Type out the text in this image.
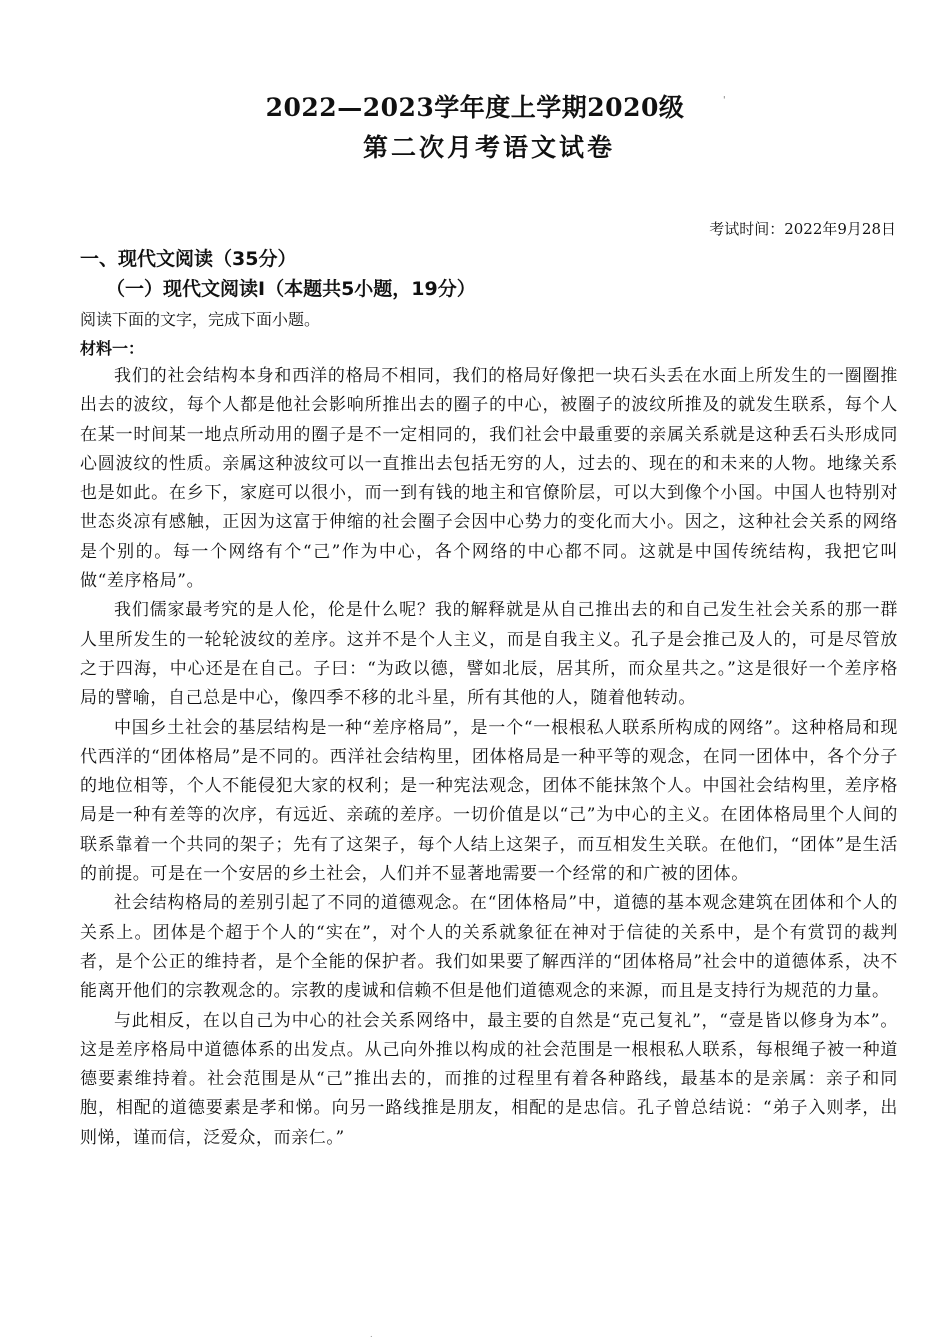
2022—2023学年度上学期2020级	'
第二次月考语文试卷
考试时间：2022年9月28日
一、现代文阅读（35分）
（一）现代文阅读I（本题共5小题，19分）
阅读下面的文字，完成下面小题。
材料一：

我们的社会结构本身和西洋的格局不相同，我们的格局好像把一块石头丢在水面上所发生的一圈圈推出去的波纹，每个人都是他社会影响所推出去的圈子的中心，被圈子的波纹所推及的就发生联系，每个人在某一时间某一地点所动用的圈子是不一定相同的，我们社会中最重要的亲属关系就是这种丢石头形成同心圆波纹的性质。亲属这种波纹可以一直推出去包括无穷的人，过去的、现在的和未来的人物。地缘关系也是如此。在乡下，家庭可以很小，而一到有钱的地主和官僚阶层，可以大到像个小国。中国人也特别对世态炎凉有感触，正因为这富于伸缩的社会圈子会因中心势力的变化而大小。因之，这种社会关系的网络是个别的。每一个网络有个“己”作为中心，各个网络的中心都不同。这就是中国传统结构，我把它叫做“差序格局”。

我们儒家最考究的是人伦，伦是什么呢？我的解释就是从自己推出去的和自己发生社会关系的那一群人里所发生的一轮轮波纹的差序。这并不是个人主义，而是自我主义。孔子是会推己及人的，可是尽管放之于四海，中心还是在自己。子曰：“为政以德，譬如北辰，居其所，而众星共之。”这是很好一个差序格局的譬喻，自己总是中心，像四季不移的北斗星，所有其他的人，随着他转动。

中国乡土社会的基层结构是一种“差序格局”，是一个“一根根私人联系所构成的网络”。这种格局和现代西洋的“团体格局”是不同的。西洋社会结构里，团体格局是一种平等的观念，在同一团体中，各个分子的地位相等，个人不能侵犯大家的权利；是一种宪法观念，团体不能抹煞个人。中国社会结构里，差序格局是一种有差等的次序，有远近、亲疏的差序。一切价值是以“己”为中心的主义。在团体格局里个人间的联系靠着一个共同的架子；先有了这架子，每个人结上这架子，而互相发生关联。在他们，“团体”是生活的前提。可是在一个安居的乡土社会，人们并不显著地需要一个经常的和广被的团体。

社会结构格局的差别引起了不同的道德观念。在“团体格局”中，道德的基本观念建筑在团体和个人的关系上。团体是个超于个人的“实在”，对个人的关系就象征在神对于信徒的关系中，是个有赏罚的裁判者，是个公正的维持者，是个全能的保护者。我们如果要了解西洋的“团体格局”社会中的道德体系，决不能离开他们的宗教观念的。宗教的虔诚和信赖不但是他们道德观念的来源，而且是支持行为规范的力量。

与此相反，在以自己为中心的社会关系网络中，最主要的自然是“克己复礼”，“壹是皆以修身为本”。这是差序格局中道德体系的出发点。从己向外推以构成的社会范围是一根根私人联系，每根绳子被一种道德要素维持着。社会范围是从“己”推出去的，而推的过程里有着各种路线，最基本的是亲属：亲子和同胞，相配的道德要素是孝和悌。向另一路线推是朋友，相配的是忠信。孔子曾总结说：“弟子入则孝，出则悌，谨而信，泛爱众，而亲仁。”

.
